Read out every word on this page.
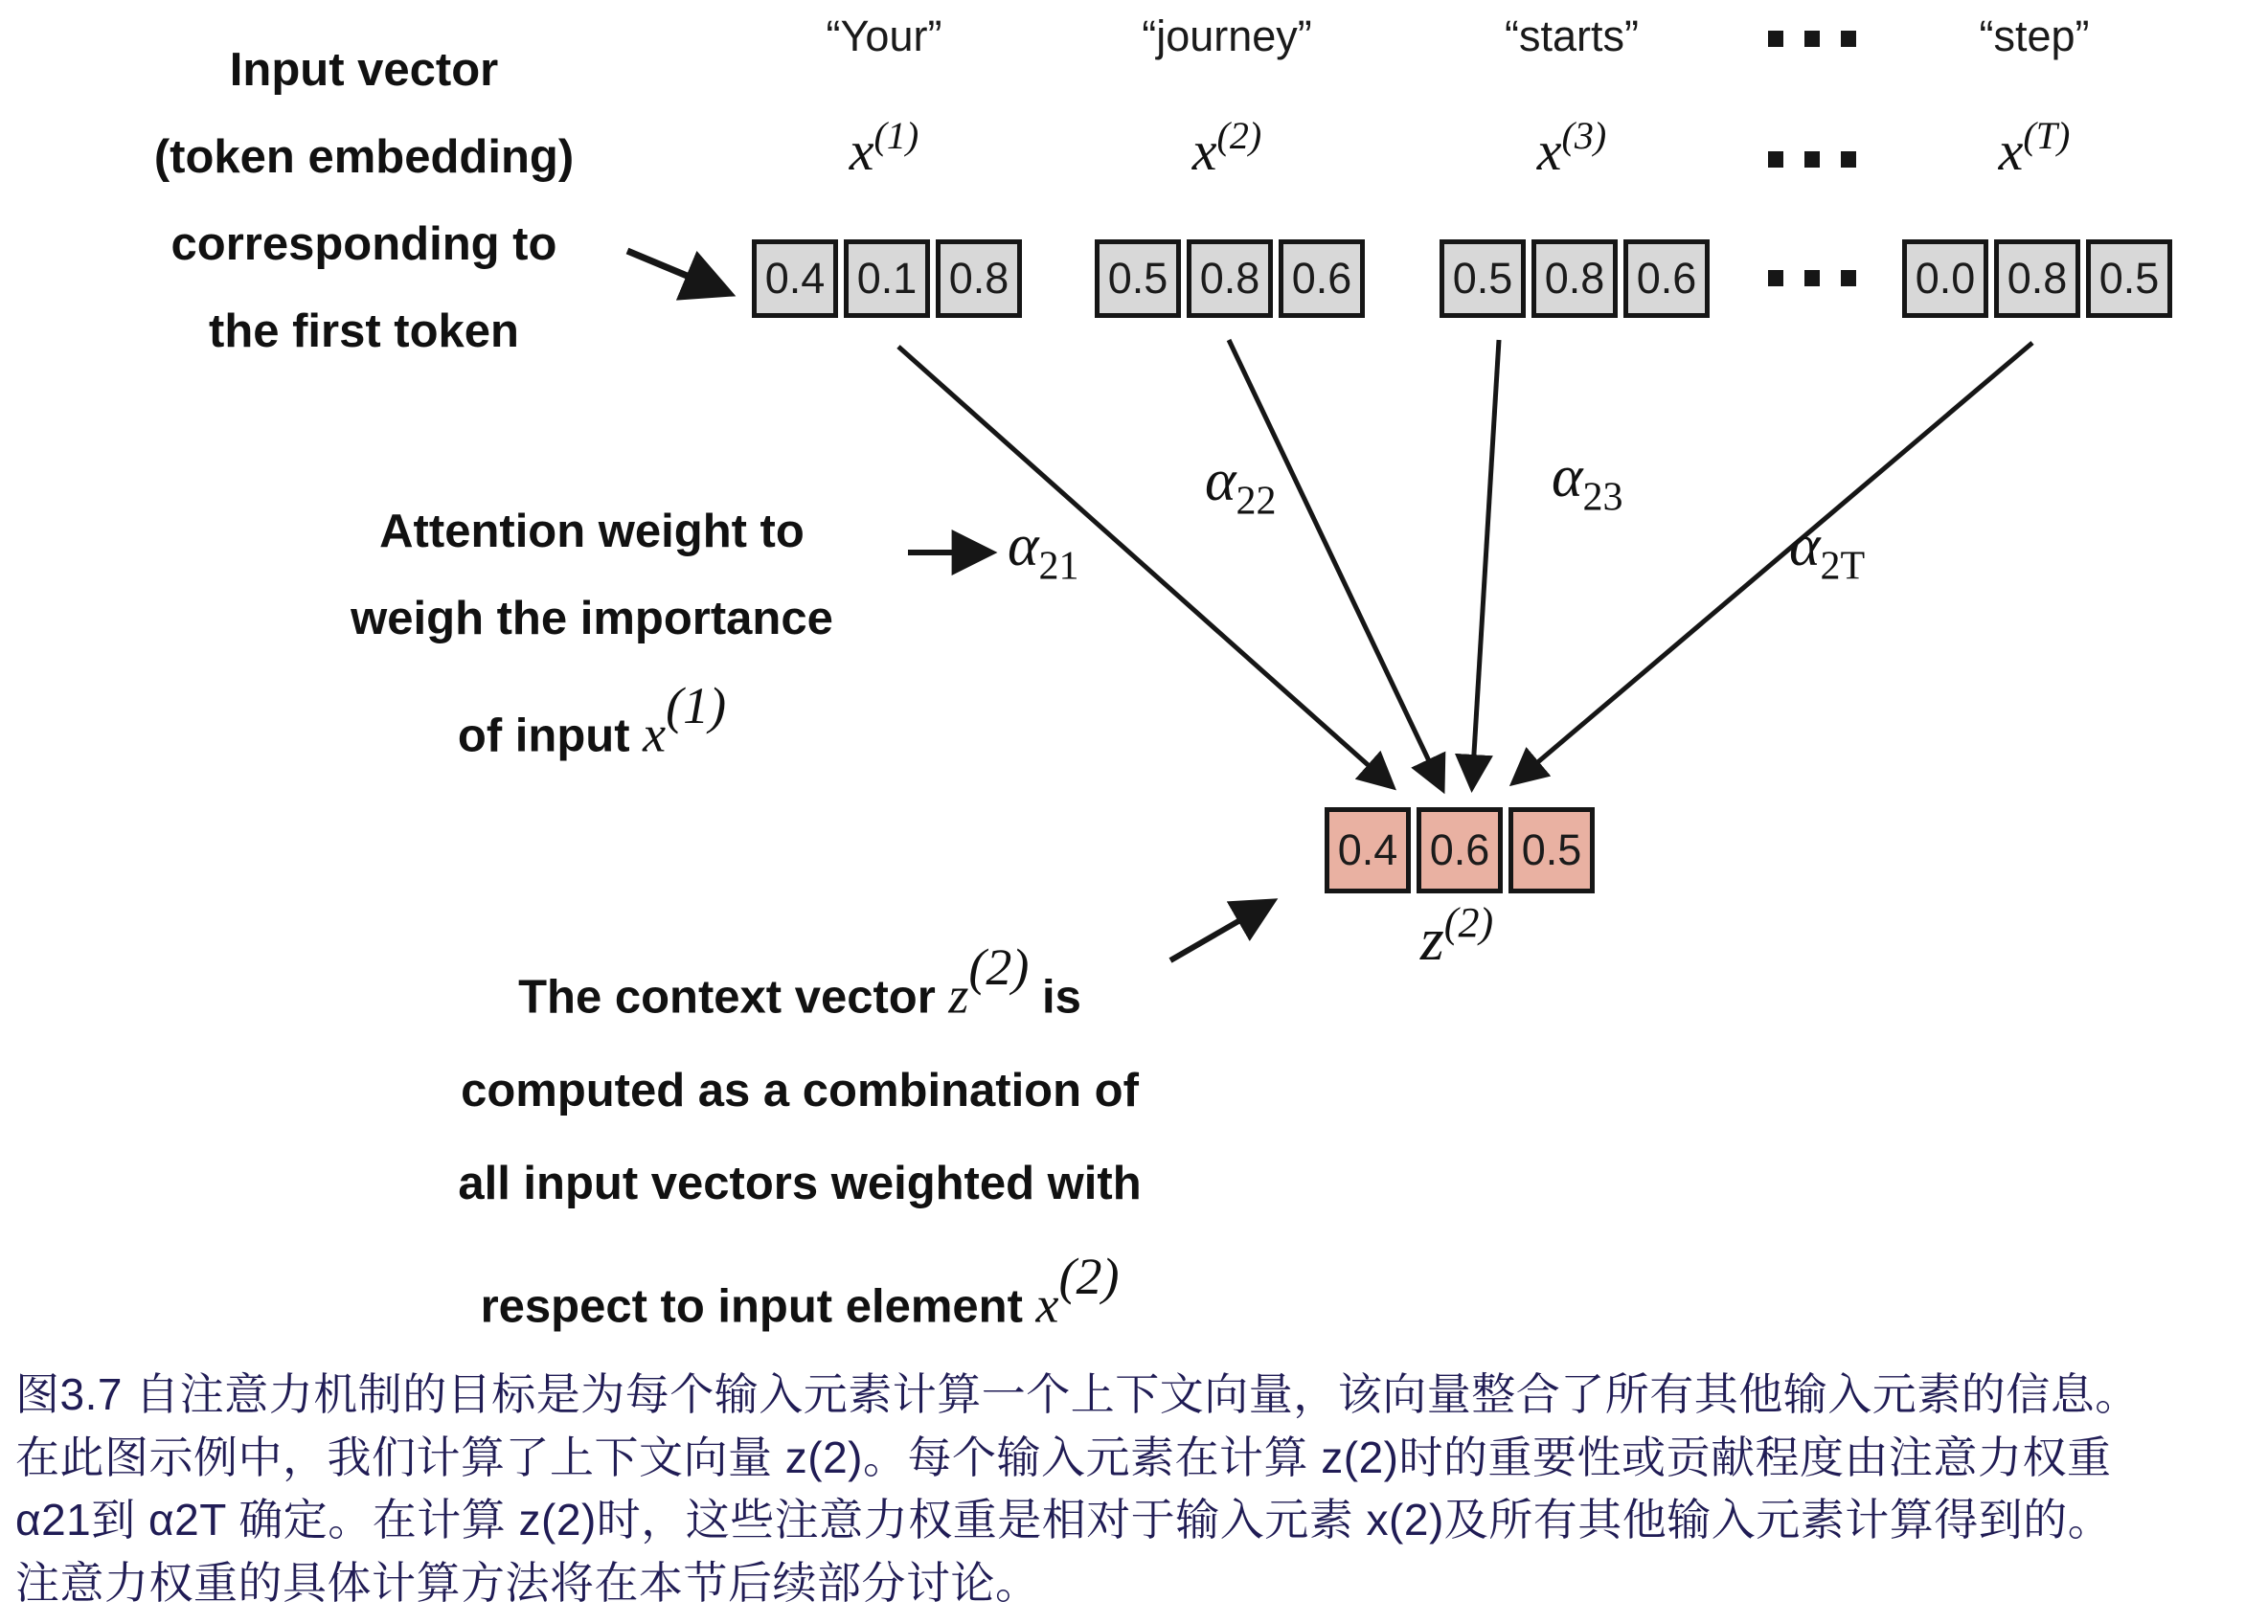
Input vector
(token embedding)
corresponding to
the first token
Attention weight to
weigh the importance
of input x(1)
The context vector z(2) is
computed as a combination of
all input vectors weighted with
respect to input element x(2)
“Your”	“journey”	“starts”	“step”
$x^{(1)}$	$x^{(2)}$	$x^{(3)}$	$x^{(T)}$
0.4 0.1 0.8	0.5 0.8 0.6	0.5 0.8 0.6	0.0 0.8 0.5
$\alpha_{21}$
$\alpha_{22}$	$\alpha_{23}$
$\alpha_{2T}$
0.4 0.6 0.5
$z^{(2)}$
图3.7 自注意力机制的目标是为每个输入元素计算一个上下文向量，该向量整合了所有其他输入元素的信息。
在此图示例中，我们计算了上下文向量 z(2)。每个输入元素在计算 z(2)时的重要性或贡献程度由注意力权重
α21到 α2T 确定。在计算 z(2)时，这些注意力权重是相对于输入元素 x(2)及所有其他输入元素计算得到的。
注意力权重的具体计算方法将在本节后续部分讨论。
